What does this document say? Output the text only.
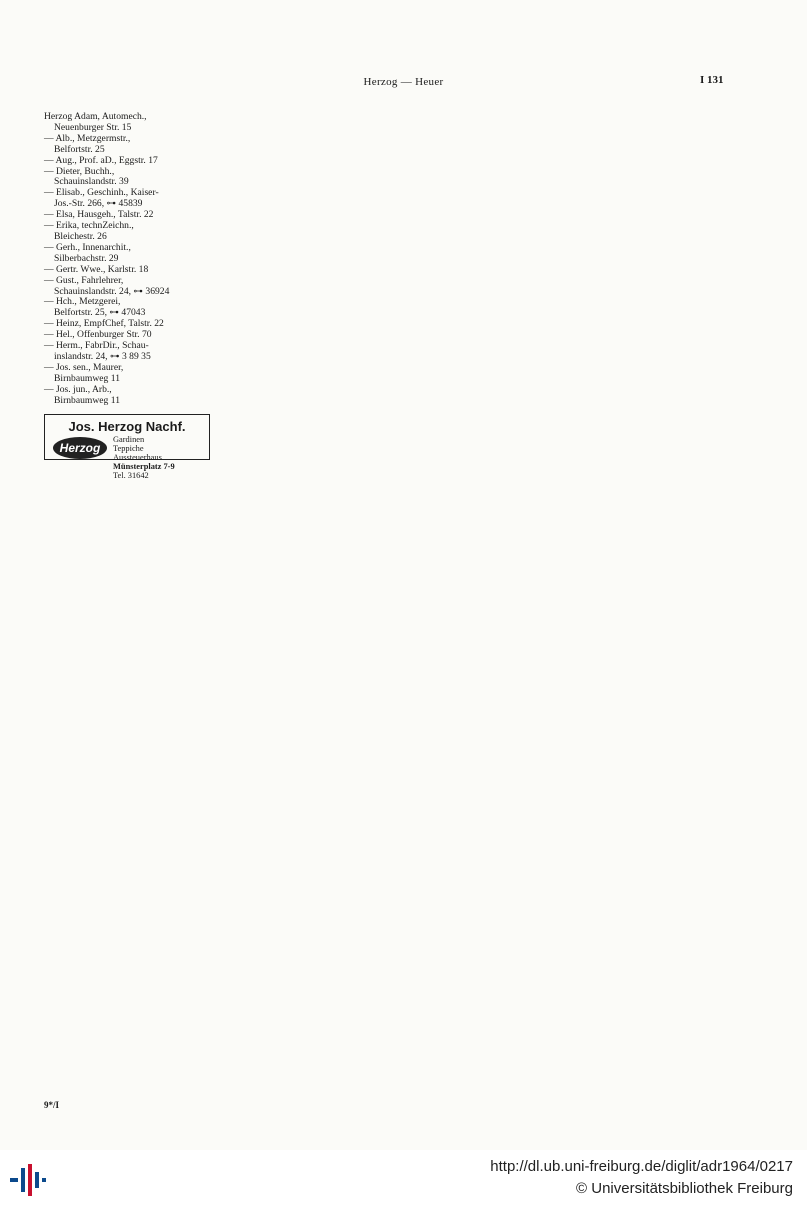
Herzog — Heuer	I 131
Herzog Adam, Automech.,
Neuenburger Str. 15
— Alb., Metzgermstr.,
Belfortstr. 25
— Aug., Prof. aD., Eggstr. 17
— Dieter, Buchh.,
Schauinslandstr. 39
— Elisab., Geschinh., Kaiser-
Jos.-Str. 266, ⊶ 45839
— Elsa, Hausgeh., Talstr. 22
— Erika, technZeichn.,
Bleichestr. 26
— Gerh., Innenarchit.,
Silberbachstr. 29
— Gertr. Wwe., Karlstr. 18
— Gust., Fahrlehrer,
Schauinslandstr. 24, ⊶ 36924
— Hch., Metzgerei,
Belfortstr. 25, ⊶ 47043
— Heinz, EmpfChef, Talstr. 22
— Hel., Offenburger Str. 70
— Herm., FabrDir., Schau-
inslandstr. 24, ⊶ 3 89 35
— Jos. sen., Maurer,
Birnbaumweg 11
— Jos. jun., Arb.,
Birnbaumweg 11
Jos. Herzog Nachf.
Herzog
Gardinen
Teppiche
Aussteuerhaus
Münsterplatz 7-9
Tel. 31642
9*/I
http://dl.ub.uni-freiburg.de/diglit/adr1964/0217
© Universitätsbibliothek Freiburg
